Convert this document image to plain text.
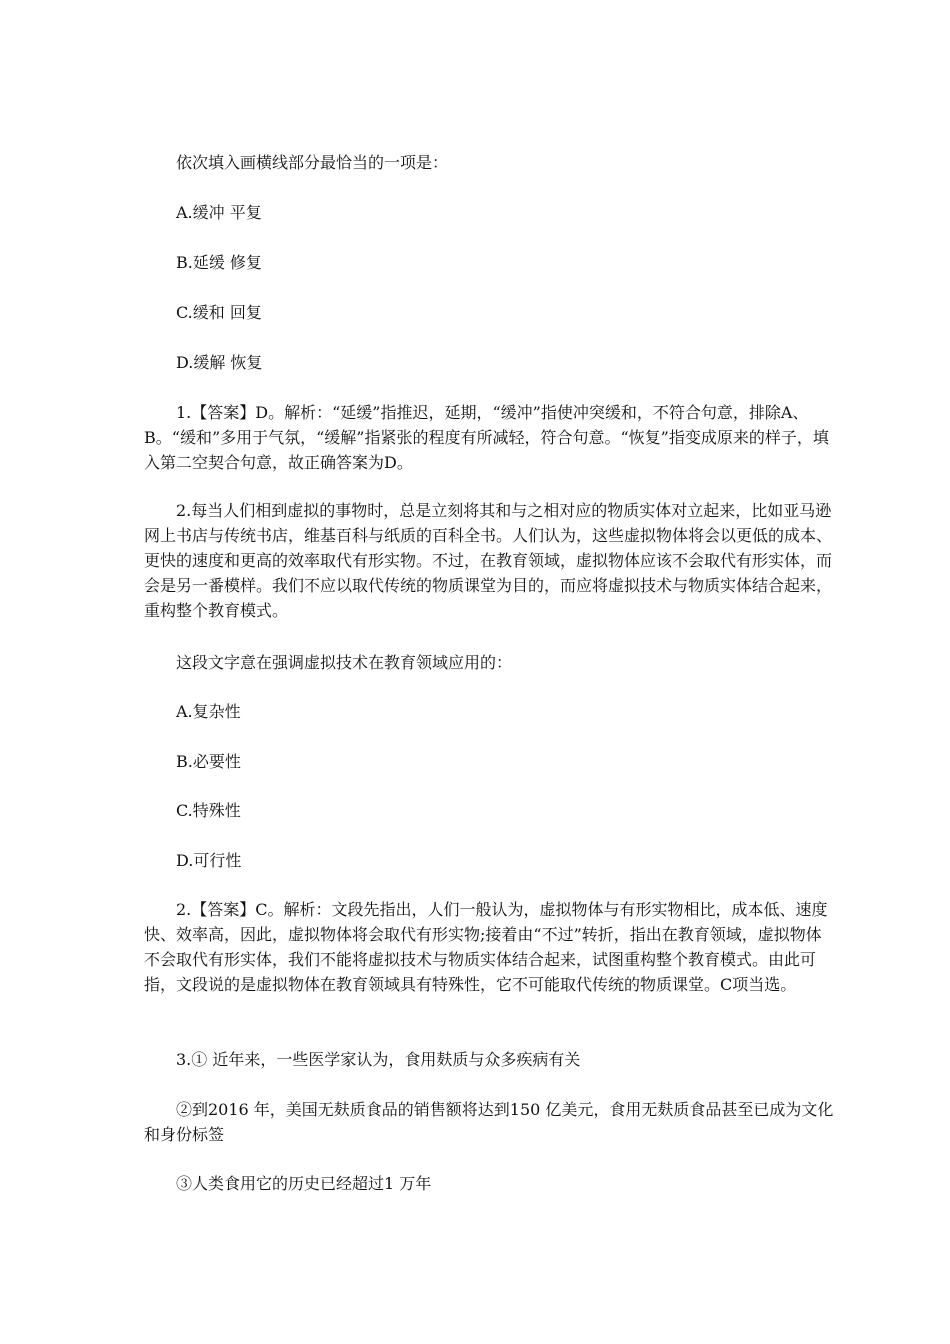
依次填入画横线部分最恰当的一项是：

A.缓冲 平复

B.延缓 修复

C.缓和 回复

D.缓解 恢复

1.【答案】D。解析：“延缓”指推迟，延期，“缓冲”指使冲突缓和，不符合句意，排除A、B。“缓和”多用于气氛，“缓解”指紧张的程度有所减轻，符合句意。“恢复”指变成原来的样子，填入第二空契合句意，故正确答案为D。

2.每当人们相到虚拟的事物时，总是立刻将其和与之相对应的物质实体对立起来，比如亚马逊网上书店与传统书店，维基百科与纸质的百科全书。人们认为，这些虚拟物体将会以更低的成本、更快的速度和更高的效率取代有形实物。不过，在教育领域，虚拟物体应该不会取代有形实体，而会是另一番模样。我们不应以取代传统的物质课堂为目的，而应将虚拟技术与物质实体结合起来，重构整个教育模式。

这段文字意在强调虚拟技术在教育领域应用的：

A.复杂性

B.必要性

C.特殊性

D.可行性

2.【答案】C。解析：文段先指出，人们一般认为，虚拟物体与有形实物相比，成本低、速度快、效率高，因此，虚拟物体将会取代有形实物;接着由“不过”转折，指出在教育领域，虚拟物体不会取代有形实体，我们不能将虚拟技术与物质实体结合起来，试图重构整个教育模式。由此可指，文段说的是虚拟物体在教育领域具有特殊性，它不可能取代传统的物质课堂。C项当选。

3.① 近年来，一些医学家认为，食用麸质与众多疾病有关

②到2016 年，美国无麸质食品的销售额将达到150 亿美元，食用无麸质食品甚至已成为文化和身份标签

③人类食用它的历史已经超过1 万年
